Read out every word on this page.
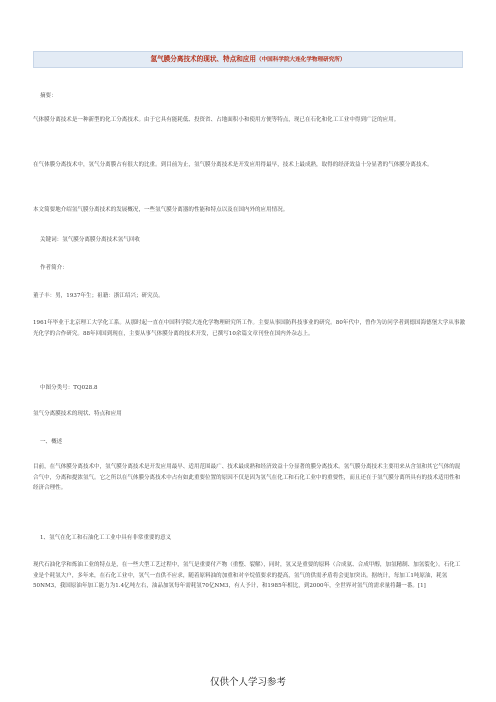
氢气膜分离技术的现状、特点和应用（中国科学院大连化学物理研究所）

摘要：

气体膜分离技术是一种新型的化工分离技术。由于它具有能耗低、投资省、占地面积小和使用方便等特点，现已在石化和化工工业中得到广泛的应用。

在气体膜分离技术中，氢气分离膜占有很大的比重。到目前为止，氢气膜分离技术是开发应用得最早，技术上最成熟，取得的经济效益十分显著的气体膜分离技术。

本文简要地介绍氢气膜分离技术的发展概况，一些氢气膜分离器的性能和特点以及在国内外的应用情况。

关键词：氢气膜分离膜分离技术氢气回收

作者简介：

董子丰：男，1937年生；祖籍：浙江绍兴；研究员。

1961年毕业于北京理工大学化工系。从那时起一直在中国科学院大连化学物理研究所工作。主要从事国防科技事业的研究。80年代中，曾作为访问学者到德国海德堡大学从事激光化学的合作研究。88年回国到现在，主要从事气体膜分离的技术开发，已撰写10余篇文章刊登在国内外杂志上。

中图分类号：TQ028.8

氢气分离膜技术的现状、特点和应用

一、概述

目前，在气体膜分离技术中，氢气膜分离技术是开发应用最早、适用范围最广、技术最成熟和经济效益十分显著的膜分离技术。氢气膜分离技术主要用来从含氢和其它气体的混合气中，分离和提浓氢气。它之所以在气体膜分离技术中占有如此重要位置的原因不仅是因为氢气在化工和石化工业中的重要性，而且还在于氢气膜分离所具有的技术适用性和经济合理性。

1、氢气在化工和石油化工工业中具有非常重要的意义

现代石油化学和炼油工业的特点是，在一些大型工艺过程中，氢气是重要付产物（重整、裂解），同时，氢又是重要的原料（合成氨、合成甲醇，加氢精制、加氢裂化）。石化工业是个耗氢大户，多年来，在石化工业中，氢气一直供不应求，随着原料油的加重和对辛烷值要求的提高，氢气的供需矛盾将会更加突出。据统计，每加工1吨原油，耗氢50NM3，我国原油年加工能力为1.4亿吨左右，油品加氢每年需耗氢70亿NM3，有人予计，和1985年相比，到2000年，全世界对氢气的需求量将翻一番。[1]

仅供个人学习参考
